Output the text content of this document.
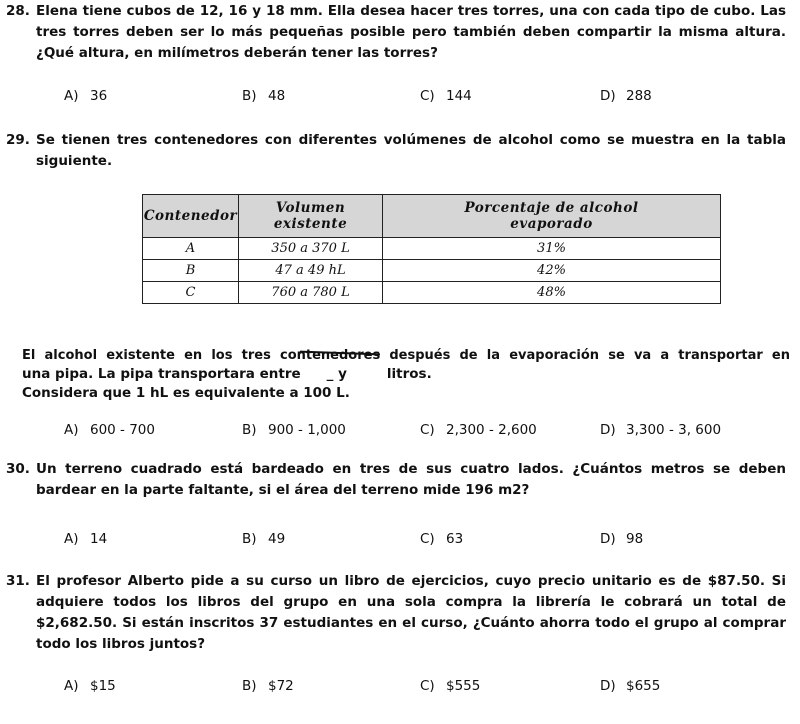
28. Elena tiene cubos de 12, 16 y 18 mm. Ella desea hacer tres torres, una con cada tipo de cubo. Las tres torres deben ser lo más pequeñas posible pero también deben compartir la misma altura. ¿Qué altura, en milímetros deberán tener las torres?
A) 36	B) 48	C) 144	D) 288
29. Se tienen tres contenedores con diferentes volúmenes de alcohol como se muestra en la tabla siguiente.
Contenedor	Volumen existente	Porcentaje de alcohol evaporado
A	350 a 370 L	31%
B	47 a 49 hL	42%
C	760 a 780 L	48%
El alcohol existente en los tres contenedores después de la evaporación se va a transportar en
una pipa. La pipa transportara entre _ y	litros.
Considera que 1 hL es equivalente a 100 L.
A) 600 - 700	B) 900 - 1,000	C) 2,300 - 2,600	D) 3,300 - 3, 600
30. Un terreno cuadrado está bardeado en tres de sus cuatro lados. ¿Cuántos metros se deben bardear en la parte faltante, si el área del terreno mide 196 m2?
A) 14	B) 49	C) 63	D) 98
31. El profesor Alberto pide a su curso un libro de ejercicios, cuyo precio unitario es de $87.50. Si adquiere todos los libros del grupo en una sola compra la librería le cobrará un total de $2,682.50. Si están inscritos 37 estudiantes en el curso, ¿Cuánto ahorra todo el grupo al comprar todo los libros juntos?
A) $15	B) $72	C) $555	D) $655
